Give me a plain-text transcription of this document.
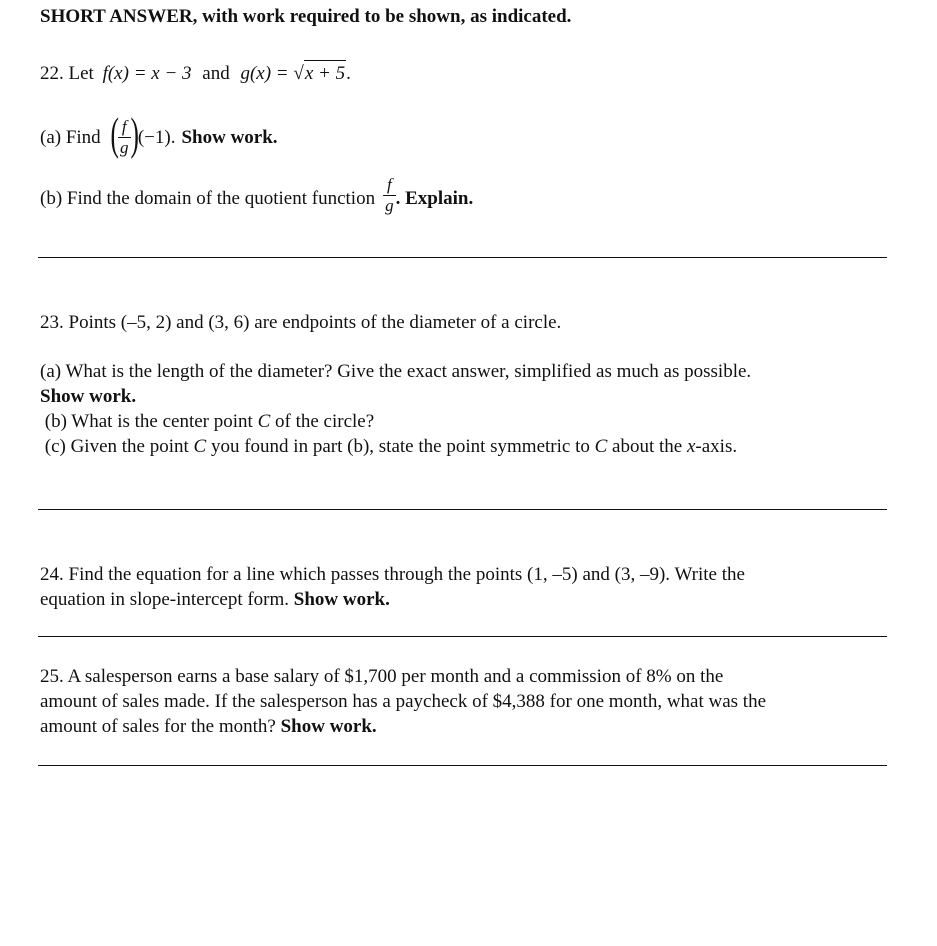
SHORT ANSWER, with work required to be shown, as indicated.
22. Let f(x) = x − 3 and g(x) = √x + 5.
(a) Find ( $\frac{f}{g}$ ) (−1). Show work.
(b) Find the domain of the quotient function $\frac{f}{g}$ . Explain.
23. Points (–5, 2) and (3, 6) are endpoints of the diameter of a circle.
(a) What is the length of the diameter? Give the exact answer, simplified as much as possible.
Show work.
(b) What is the center point C of the circle?
(c) Given the point C you found in part (b), state the point symmetric to C about the x-axis.
24. Find the equation for a line which passes through the points (1, –5) and (3, –9). Write the
equation in slope-intercept form. Show work.
25. A salesperson earns a base salary of $1,700 per month and a commission of 8% on the
amount of sales made. If the salesperson has a paycheck of $4,388 for one month, what was the
amount of sales for the month? Show work.
